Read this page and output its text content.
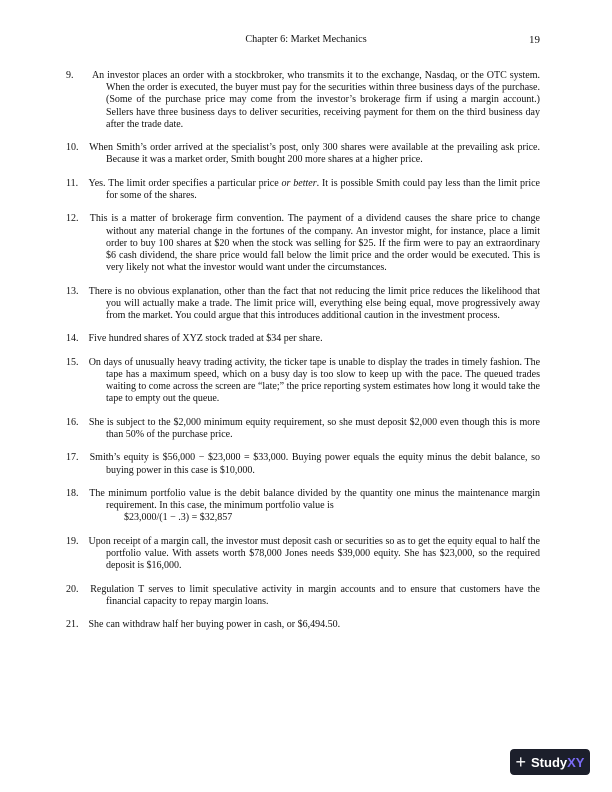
Chapter 6: Market Mechanics	19
9. An investor places an order with a stockbroker, who transmits it to the exchange, Nasdaq, or the OTC system. When the order is executed, the buyer must pay for the securities within three business days of the purchase. (Some of the purchase price may come from the investor’s brokerage firm if using a margin account.) Sellers have three business days to deliver securities, receiving payment for them on the third business day after the trade date.
10. When Smith’s order arrived at the specialist’s post, only 300 shares were available at the prevailing ask price. Because it was a market order, Smith bought 200 more shares at a higher price.
11. Yes. The limit order specifies a particular price or better. It is possible Smith could pay less than the limit price for some of the shares.
12. This is a matter of brokerage firm convention. The payment of a dividend causes the share price to change without any material change in the fortunes of the company. An investor might, for instance, place a limit order to buy 100 shares at $20 when the stock was selling for $25. If the firm were to pay an extraordinary $6 cash dividend, the share price would fall below the limit price and the order would be executed. This is very likely not what the investor would want under the circumstances.
13. There is no obvious explanation, other than the fact that not reducing the limit price reduces the likelihood that you will actually make a trade. The limit price will, everything else being equal, move progressively away from the market. You could argue that this introduces additional caution in the investment process.
14. Five hundred shares of XYZ stock traded at $34 per share.
15. On days of unusually heavy trading activity, the ticker tape is unable to display the trades in timely fashion. The tape has a maximum speed, which on a busy day is too slow to keep up with the pace. The queued trades waiting to come across the screen are “late;” the price reporting system estimates how long it would take the tape to empty out the queue.
16. She is subject to the $2,000 minimum equity requirement, so she must deposit $2,000 even though this is more than 50% of the purchase price.
17. Smith’s equity is $56,000 − $23,000 = $33,000. Buying power equals the equity minus the debit balance, so buying power in this case is $10,000.
18. The minimum portfolio value is the debit balance divided by the quantity one minus the maintenance margin requirement. In this case, the minimum portfolio value is
$23,000/(1 − .3) = $32,857
19. Upon receipt of a margin call, the investor must deposit cash or securities so as to get the equity equal to half the portfolio value. With assets worth $78,000 Jones needs $39,000 equity. She has $23,000, so the required deposit is $16,000.
20. Regulation T serves to limit speculative activity in margin accounts and to ensure that customers have the financial capacity to repay margin loans.
21. She can withdraw half her buying power in cash, or $6,494.50.
+ StudyXY
